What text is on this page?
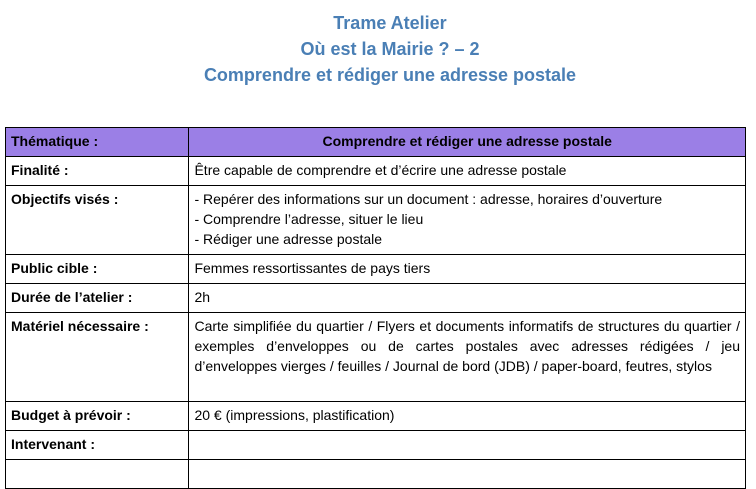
Trame Atelier
Où est la Mairie ? – 2
Comprendre et rédiger une adresse postale
Thématique :	Comprendre et rédiger une adresse postale
Finalité :	Être capable de comprendre et d’écrire une adresse postale
Objectifs visés :	- Repérer des informations sur un document : adresse, horaires d’ouverture
- Comprendre l’adresse, situer le lieu
- Rédiger une adresse postale

Public cible :	Femmes ressortissantes de pays tiers
Durée de l’atelier :	2h
Matériel nécessaire :	Carte simplifiée du quartier / Flyers et documents informatifs de structures du quartier / exemples d’enveloppes ou de cartes postales avec adresses rédigées / jeu d’enveloppes vierges / feuilles / Journal de bord (JDB) / paper-board, feutres, stylos
Budget à prévoir :	20 € (impressions, plastification)
Intervenant :	
